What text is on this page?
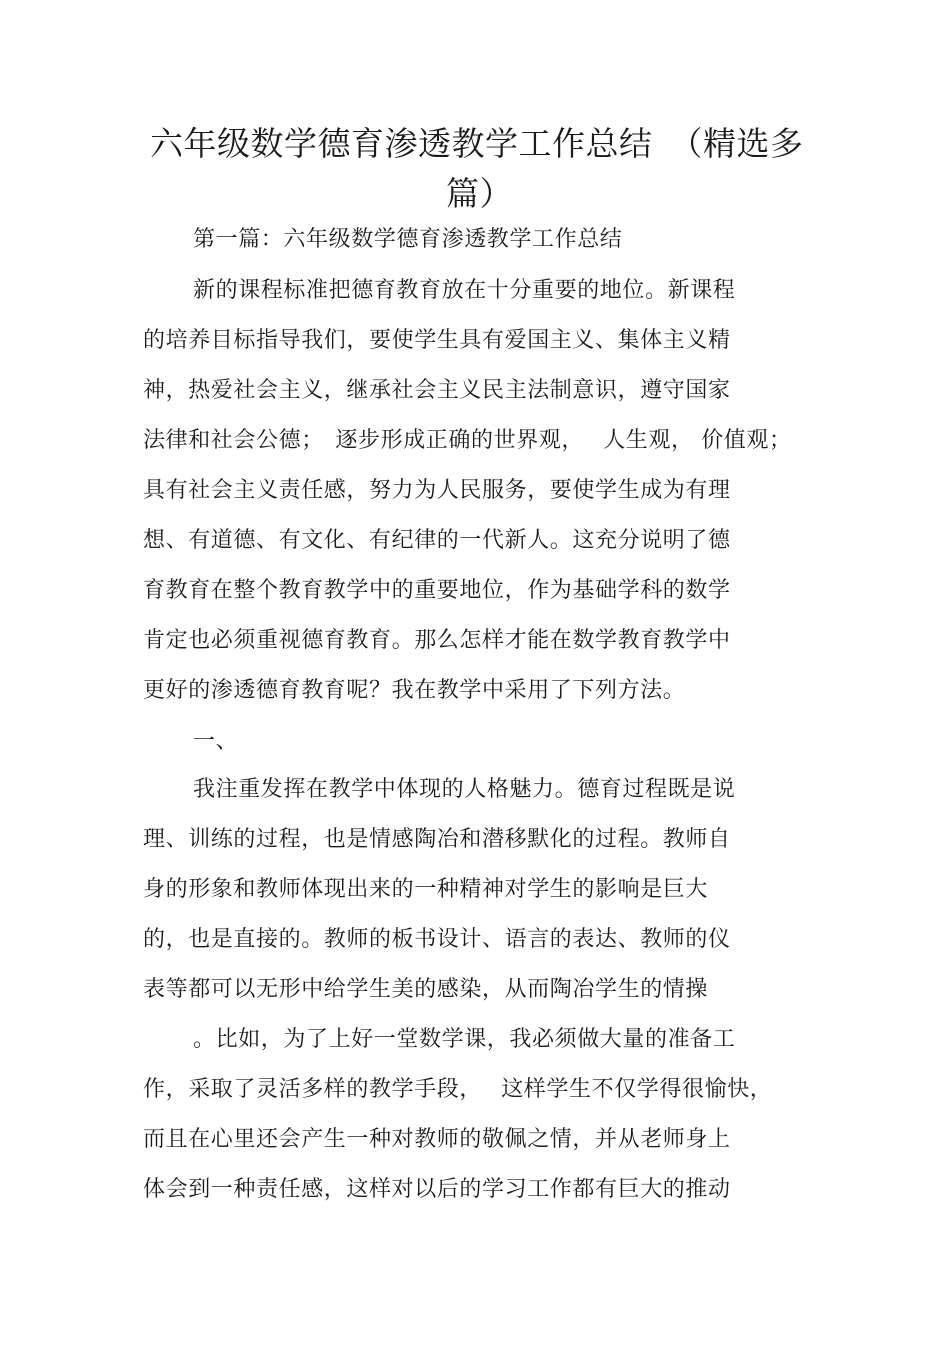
六年级数学德育渗透教学工作总结　（精选多
篇）
第一篇：六年级数学德育渗透教学工作总结
新的课程标准把德育教育放在十分重要的地位。新课程
的培养目标指导我们，要使学生具有爱国主义、集体主义精
神，热爱社会主义，继承社会主义民主法制意识，遵守国家
法律和社会公德；　逐步形成正确的世界观，　 人生观， 价值观；
具有社会主义责任感，努力为人民服务，要使学生成为有理
想、有道德、有文化、有纪律的一代新人。这充分说明了德
育教育在整个教育教学中的重要地位，作为基础学科的数学
肯定也必须重视德育教育。那么怎样才能在数学教育教学中
更好的渗透德育教育呢？我在教学中采用了下列方法。
一、
我注重发挥在教学中体现的人格魅力。德育过程既是说
理、训练的过程，也是情感陶冶和潜移默化的过程。教师自
身的形象和教师体现出来的一种精神对学生的影响是巨大
的，也是直接的。教师的板书设计、语言的表达、教师的仪
表等都可以无形中给学生美的感染，从而陶冶学生的情操
。比如，为了上好一堂数学课，我必须做大量的准备工
作，采取了灵活多样的教学手段，　 这样学生不仅学得很愉快，
而且在心里还会产生一种对教师的敬佩之情，并从老师身上
体会到一种责任感，这样对以后的学习工作都有巨大的推动
